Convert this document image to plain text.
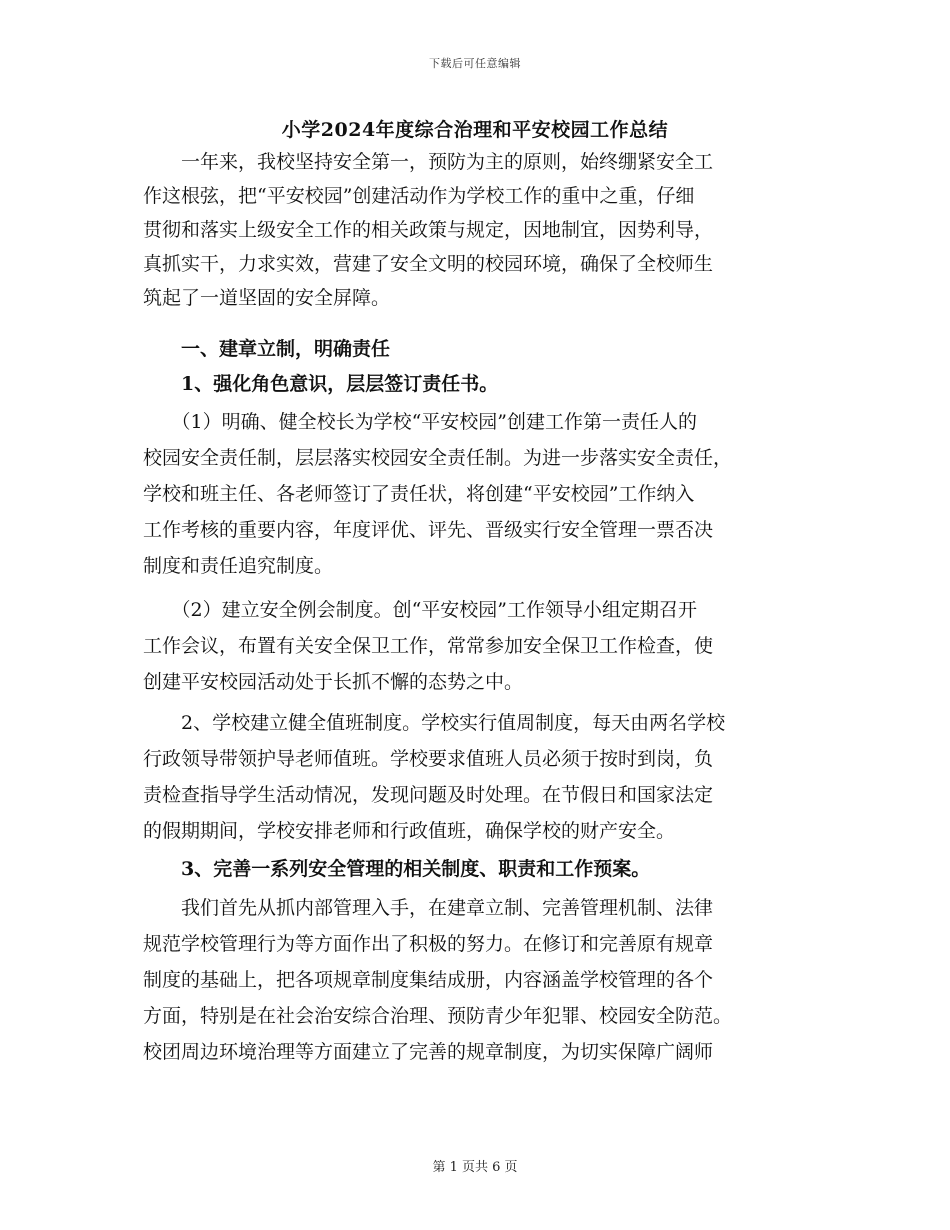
下载后可任意编辑
小学2024年度综合治理和平安校园工作总结
　　一年来，我校坚持安全第一，预防为主的原则，始终绷紧安全工
作这根弦，把“平安校园”创建活动作为学校工作的重中之重，仔细
贯彻和落实上级安全工作的相关政策与规定，因地制宜，因势利导，
真抓实干，力求实效，营建了安全文明的校园环境，确保了全校师生
筑起了一道坚固的安全屏障。
　　一、建章立制，明确责任
　　1、强化角色意识，层层签订责任书。
　　（1）明确、健全校长为学校“平安校园”创建工作第一责任人的
校园安全责任制，层层落实校园安全责任制。为进一步落实安全责任，
学校和班主任、各老师签订了责任状，将创建“平安校园”工作纳入
工作考核的重要内容，年度评优、评先、晋级实行安全管理一票否决
制度和责任追究制度。
　　（2）建立安全例会制度。创“平安校园”工作领导小组定期召开
工作会议，布置有关安全保卫工作，常常参加安全保卫工作检查，使
创建平安校园活动处于长抓不懈的态势之中。
　　2、学校建立健全值班制度。学校实行值周制度，每天由两名学校
行政领导带领护导老师值班。学校要求值班人员必须于按时到岗，负
责检查指导学生活动情况，发现问题及时处理。在节假日和国家法定
的假期期间，学校安排老师和行政值班，确保学校的财产安全。
　　3、完善一系列安全管理的相关制度、职责和工作预案。
　　我们首先从抓内部管理入手，在建章立制、完善管理机制、法律
规范学校管理行为等方面作出了积极的努力。在修订和完善原有规章
制度的基础上，把各项规章制度集结成册，内容涵盖学校管理的各个
方面，特别是在社会治安综合治理、预防青少年犯罪、校园安全防范。
校团周边环境治理等方面建立了完善的规章制度，为切实保障广阔师
第 1 页共 6 页
